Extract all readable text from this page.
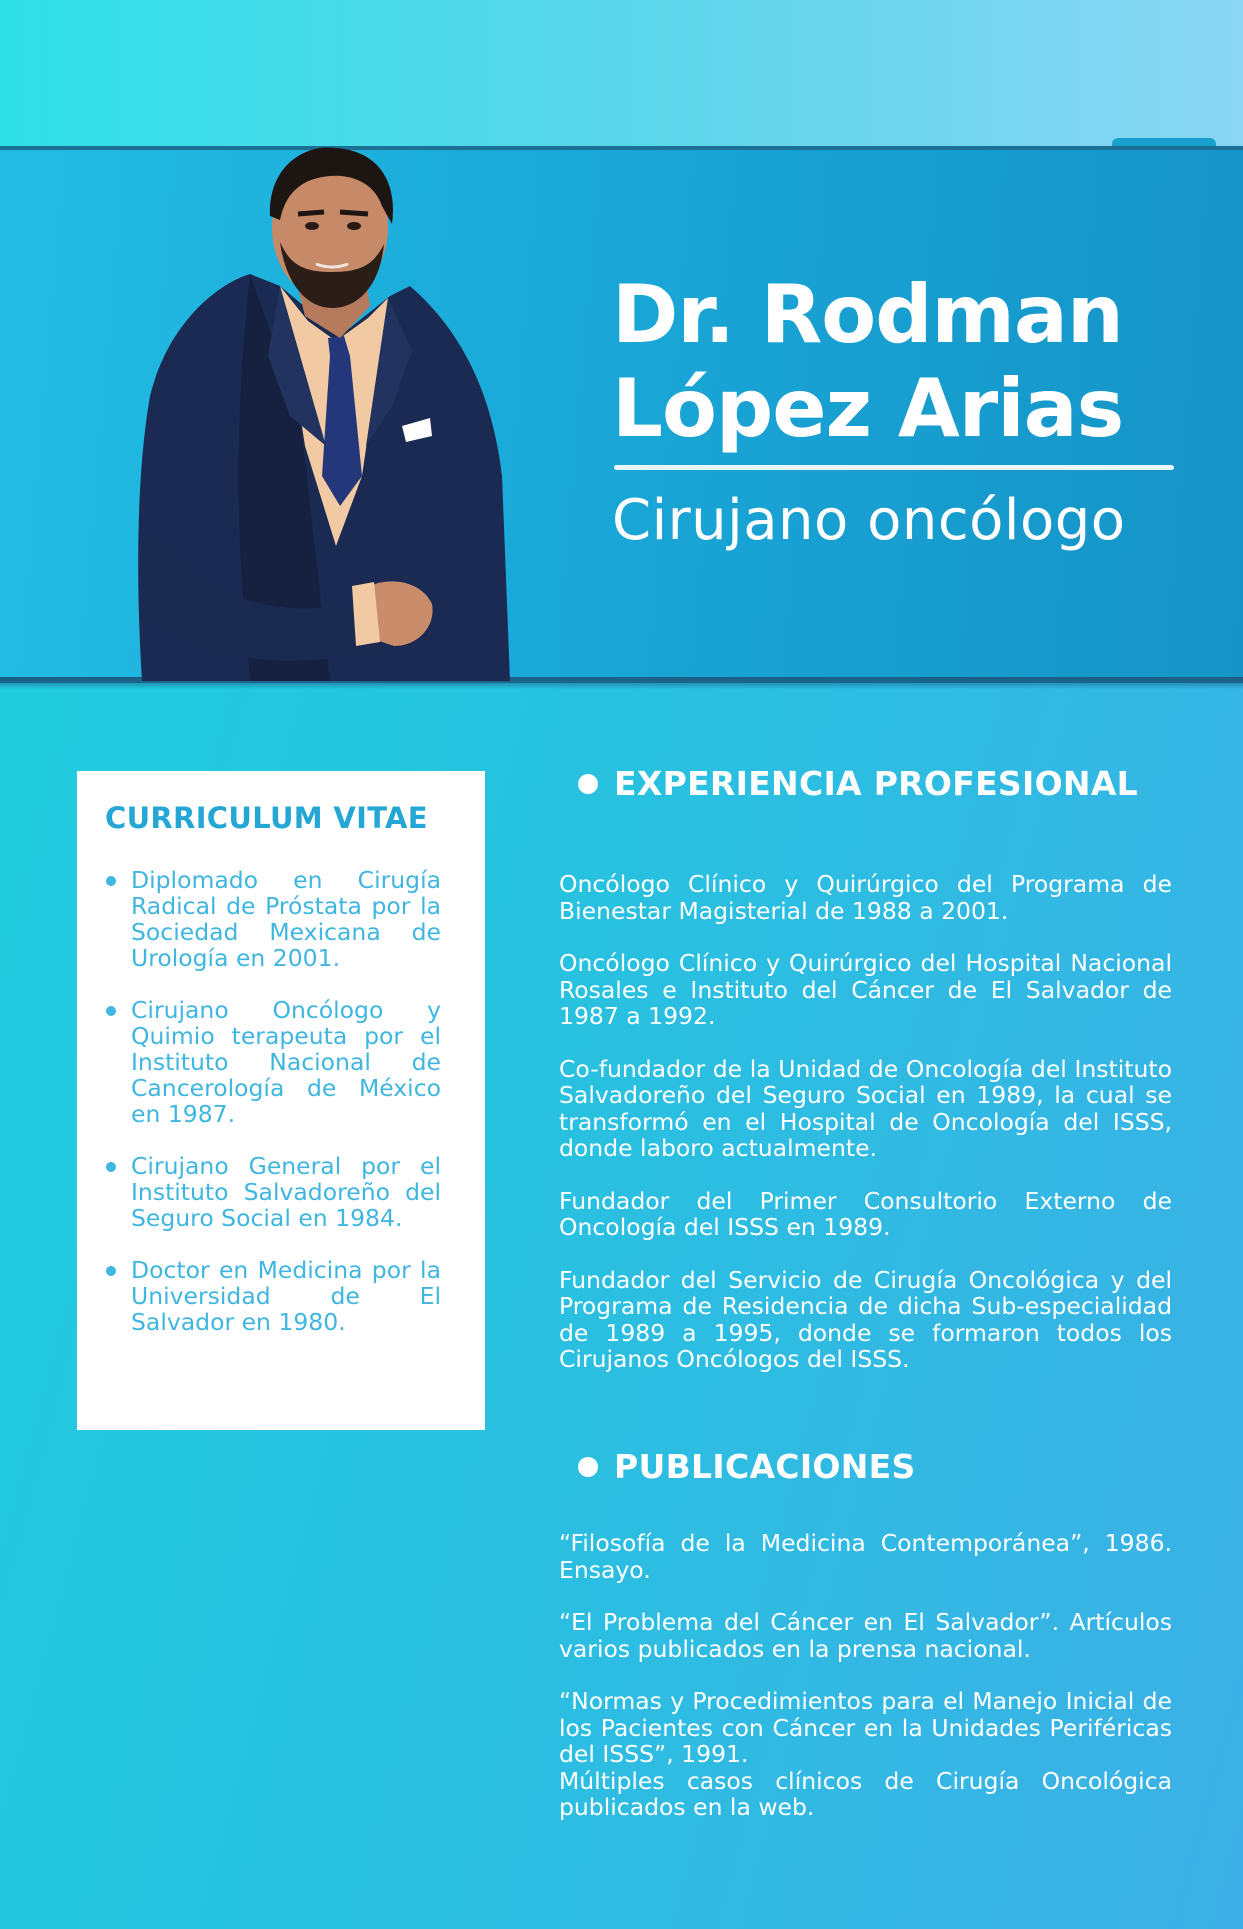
Dr. Rodman
López Arias
Cirujano oncólogo
CURRICULUM VITAE
Diplomado en Cirugía Radical de Próstata por la Sociedad Mexicana de Urología en 2001.
Cirujano Oncólogo y Quimio terapeuta por el Instituto Nacional de Cancerología de México en 1987.
Cirujano General por el Instituto Salvadoreño del Seguro Social en 1984.
Doctor en Medicina por la Universidad de El Salvador en 1980.
EXPERIENCIA PROFESIONAL

Oncólogo Clínico y Quirúrgico del Programa de Bienestar Magisterial de 1988 a 2001.

Oncólogo Clínico y Quirúrgico del Hospital Nacional Rosales e Instituto del Cáncer de El Salvador de 1987 a 1992.

Co-fundador de la Unidad de Oncología del Instituto Salvadoreño del Seguro Social en 1989, la cual se transformó en el Hospital de Oncología del ISSS, donde laboro actualmente.

Fundador del Primer Consultorio Externo de Oncología del ISSS en 1989.

Fundador del Servicio de Cirugía Oncológica y del Programa de Residencia de dicha Sub-especialidad de 1989 a 1995, donde se formaron todos los Cirujanos Oncólogos del ISSS.

PUBLICACIONES

“Filosofía de la Medicina Contemporánea”, 1986. Ensayo.

“El Problema del Cáncer en El Salvador”. Artículos varios publicados en la prensa nacional.

“Normas y Procedimientos para el Manejo Inicial de los Pacientes con Cáncer en la Unidades Periféricas del ISSS”, 1991.

Múltiples casos clínicos de Cirugía Oncológica publicados en la web.
